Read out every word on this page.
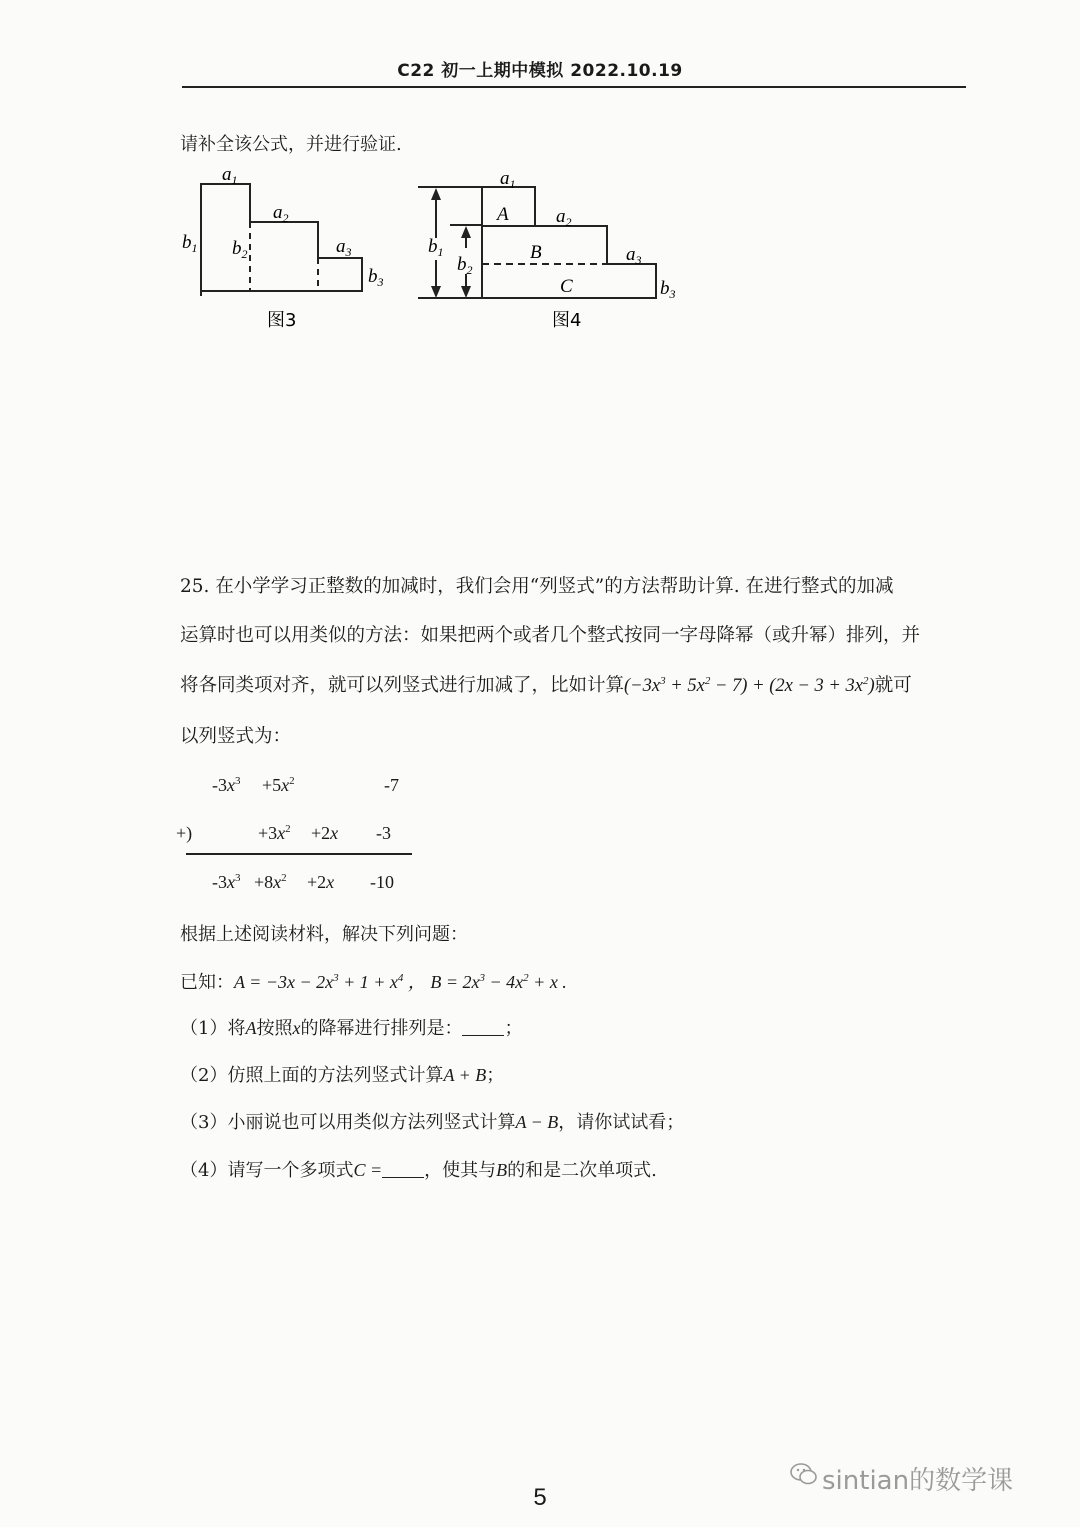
C22 初一上期中模拟 2022.10.19
请补全该公式，并进行验证.
$a_1$
$a_2$
$a_3$
$b_1$ $b_2$
$b_3$
图3
$a_1$
$a_2$
$a_3$
$b_1$
$b_2$
$b_3$
A
B
C
图4
25. 在小学学习正整数的加减时，我们会用“列竖式”的方法帮助计算. 在进行整式的加减
运算时也可以用类似的方法：如果把两个或者几个整式按同一字母降幂（或升幂）排列，并
将各同类项对齐，就可以列竖式进行加减了，比如计算$(-3x^3 + 5x^2 - 7) + (2x - 3 + 3x^2)$就可
以列竖式为：
$-3x^3 +5x^2$	-7
+)	$+3x^2 +2x$ -3
$-3x^3 +8x^2 +2x$ -10
根据上述阅读材料，解决下列问题：
已知：$A = -3x - 2x^3 + 1 + x^4$ ， $B = 2x^3 - 4x^2 + x$ .
（1）将A按照x的降幂进行排列是： ；
（2）仿照上面的方法列竖式计算A + B；
（3）小丽说也可以用类似方法列竖式计算A − B，请你试试看；
（4）请写一个多项式C = ，使其与B的和是二次单项式.
sintian的数学课
5
